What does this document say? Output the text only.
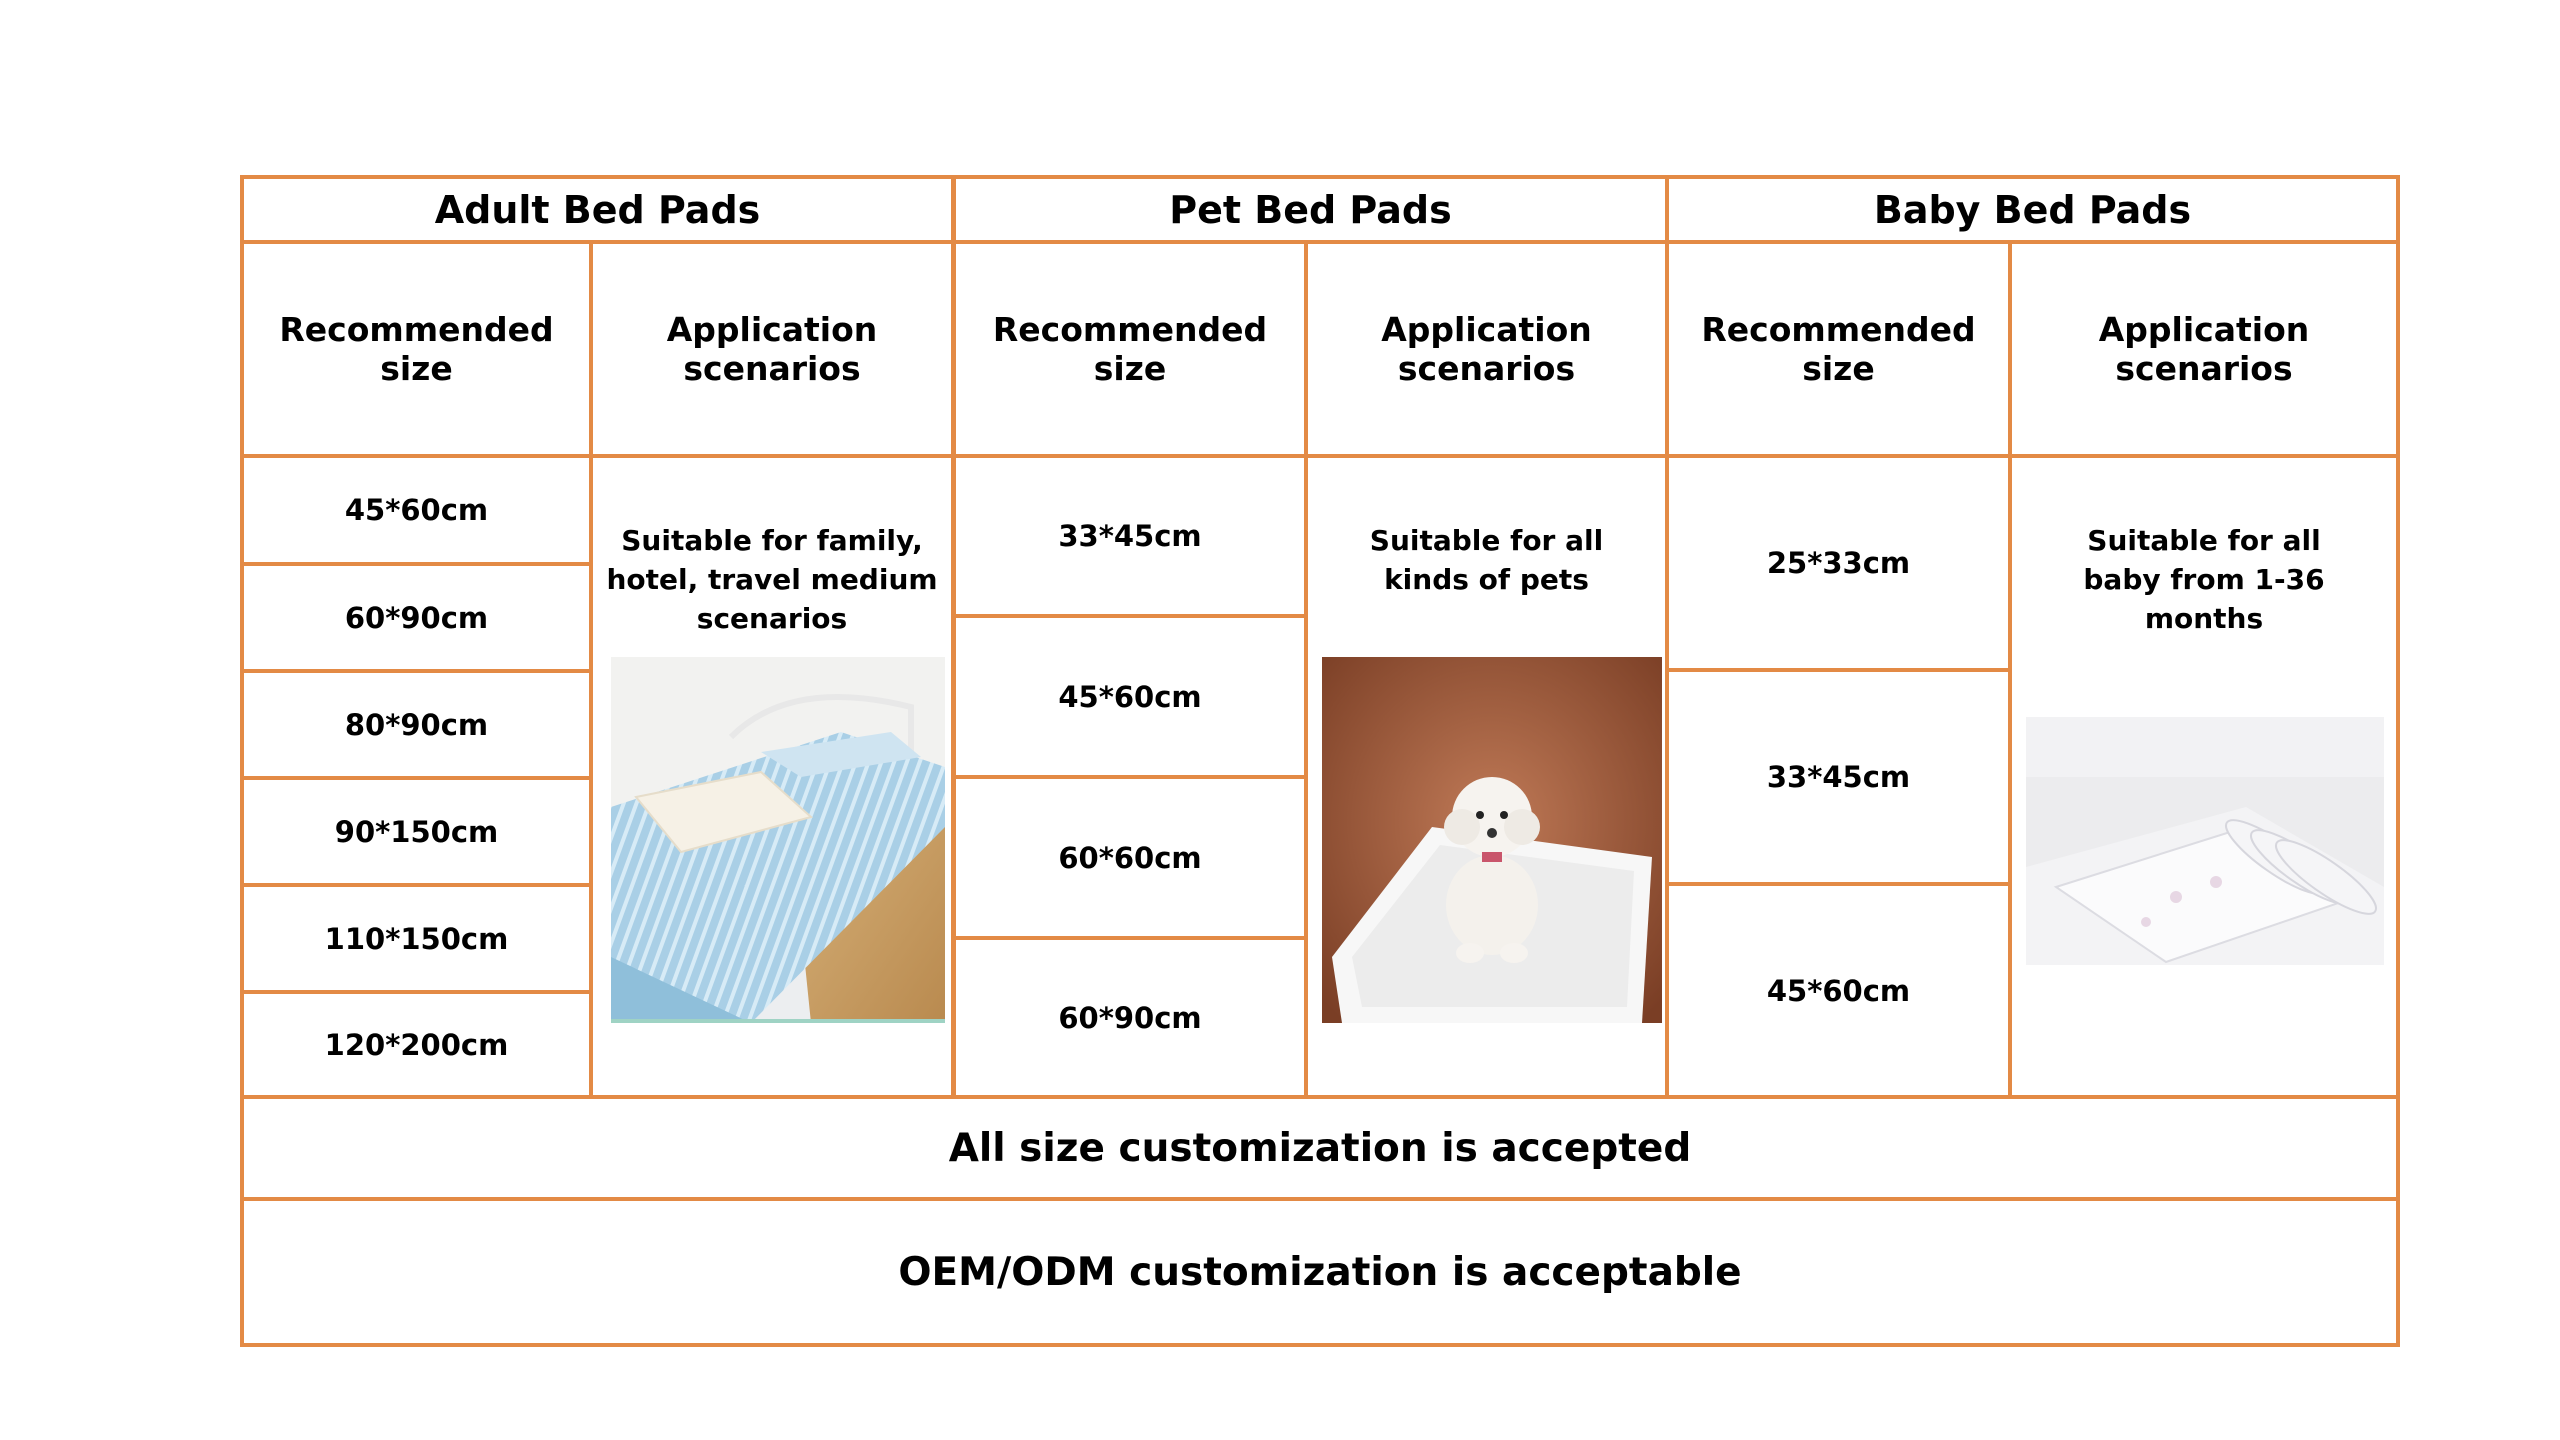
Adult Bed Pads	Pet Bed Pads	Baby Bed Pads
Recommended size
Application scenarios
Recommended size
Application scenarios
Recommended size
Application scenarios
45*60cm
60*90cm
80*90cm
90*150cm
110*150cm
120*200cm
33*45cm
45*60cm
60*60cm
60*90cm
25*33cm
33*45cm
45*60cm
Suitable for family, hotel, travel medium scenarios
Suitable for all kinds of pets
Suitable for all baby from 1-36 months
All size customization is accepted
OEM/ODM customization is acceptable
